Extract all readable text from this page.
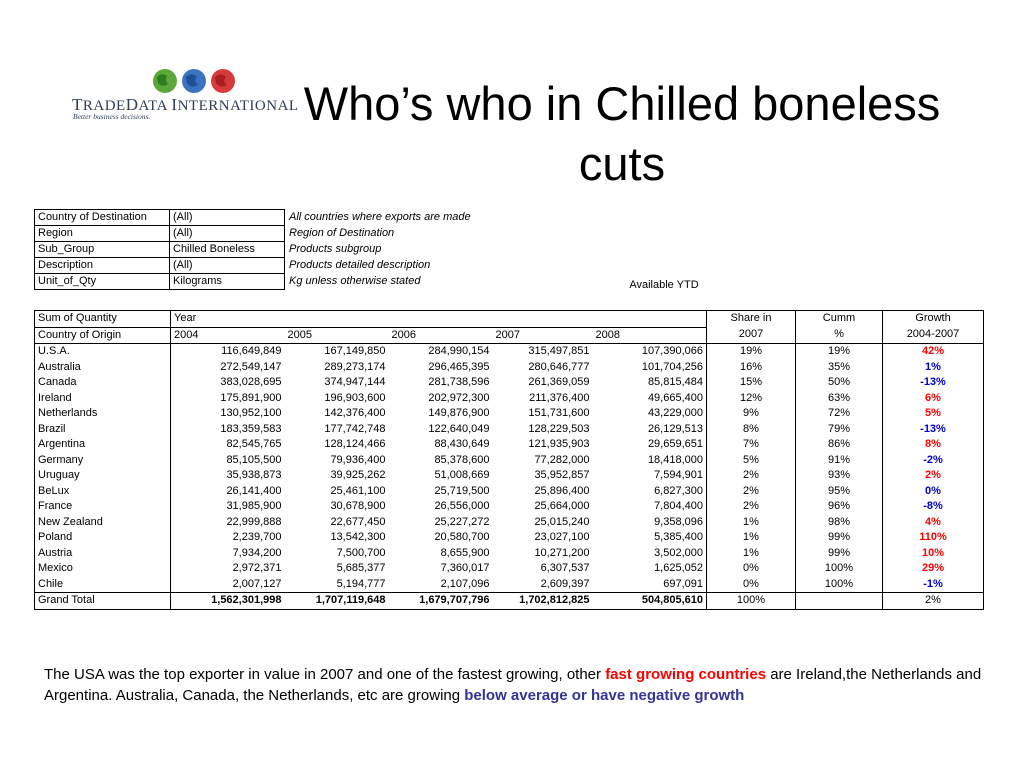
TRADEDATA INTERNATIONAL
Better business decisions.	Who’s who in Chilled boneless cuts
Country of Destination	(All)	All countries where exports are made
Region	(All)	Region of Destination
Sub_Group	Chilled Boneless	Products subgroup
Description	(All)	Products detailed description
Unit_of_Qty	Kilograms	Kg unless otherwise stated	Available YTD
Sum of Quantity	Year					Share in	Cumm	Growth
Country of Origin	2004	2005	2006	2007	2008	2007	%	2004-2007
U.S.A.	116,649,849	167,149,850	284,990,154	315,497,851	107,390,066	19%	19%	42%
Australia	272,549,147	289,273,174	296,465,395	280,646,777	101,704,256	16%	35%	1%
Canada	383,028,695	374,947,144	281,738,596	261,369,059	85,815,484	15%	50%	-13%
Ireland	175,891,900	196,903,600	202,972,300	211,376,400	49,665,400	12%	63%	6%
Netherlands	130,952,100	142,376,400	149,876,900	151,731,600	43,229,000	9%	72%	5%
Brazil	183,359,583	177,742,748	122,640,049	128,229,503	26,129,513	8%	79%	-13%
Argentina	82,545,765	128,124,466	88,430,649	121,935,903	29,659,651	7%	86%	8%
Germany	85,105,500	79,936,400	85,378,600	77,282,000	18,418,000	5%	91%	-2%
Uruguay	35,938,873	39,925,262	51,008,669	35,952,857	7,594,901	2%	93%	2%
BeLux	26,141,400	25,461,100	25,719,500	25,896,400	6,827,300	2%	95%	0%
France	31,985,900	30,678,900	26,556,000	25,664,000	7,804,400	2%	96%	-8%
New Zealand	22,999,888	22,677,450	25,227,272	25,015,240	9,358,096	1%	98%	4%
Poland	2,239,700	13,542,300	20,580,700	23,027,100	5,385,400	1%	99%	110%
Austria	7,934,200	7,500,700	8,655,900	10,271,200	3,502,000	1%	99%	10%
Mexico	2,972,371	5,685,377	7,360,017	6,307,537	1,625,052	0%	100%	29%
Chile	2,007,127	5,194,777	2,107,096	2,609,397	697,091	0%	100%	-1%
Grand Total	1,562,301,998	1,707,119,648	1,679,707,796	1,702,812,825	504,805,610	100%		2%
The USA was the top exporter in value in 2007 and one of the fastest growing, other fast growing countries are Ireland,the Netherlands and Argentina. Australia, Canada, the Netherlands, etc are growing below average or have negative growth
